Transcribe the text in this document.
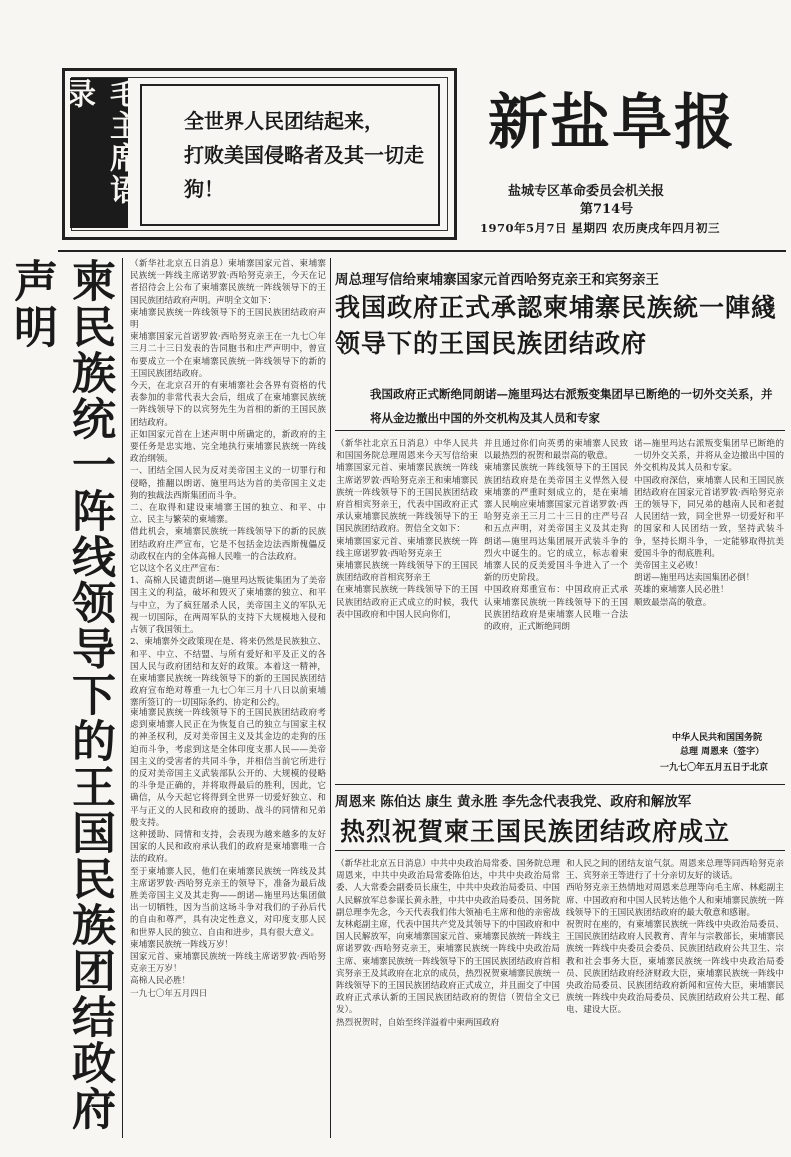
毛主席语录
全世界人民团结起来，
打败美国侵略者及其一切走
狗！
新盐阜报
盐城专区革命委员会机关报
第714号
1970年5月7日 星期四 农历庚戌年四月初三
柬民族统一阵线领导下的王国民族团结政府声明	（新华社北京五日消息）柬埔寨国家元首、柬埔寨民族统一阵线主席诺罗敦·西哈努克亲王，今天在记者招待会上公布了柬埔寨民族统一阵线领导下的王国民族团结政府声明。声明全文如下：
柬埔寨民族统一阵线领导下的王国民族团结政府声明
柬埔寨国家元首诺罗敦·西哈努克亲王在一九七〇年三月二十三日发表的告同胞书和庄严声明中，曾宣布要成立一个在柬埔寨民族统一阵线领导下的新的王国民族团结政府。
今天，在北京召开的有柬埔寨社会各界有资格的代表参加的非常代表大会后，组成了在柬埔寨民族统一阵线领导下的以宾努先生为首相的新的王国民族团结政府。
正如国家元首在上述声明中所确定的，新政府的主要任务是忠实地、完全地执行柬埔寨民族统一阵线政治纲领。
一、团结全国人民为反对美帝国主义的一切罪行和侵略，推翻以朗诺、施里玛达为首的美帝国主义走狗的独裁法西斯集团而斗争。
二、在取得和建设柬埔寨王国的独立、和平、中立、民主与繁荣的柬埔寨。
借此机会，柬埔寨民族统一阵线领导下的新的民族团结政府庄严宣布，它是不包括金边法西斯傀儡反动政权在内的全体高棉人民唯一的合法政府。
它以这个名义庄严宣布：
1、高棉人民谴责朗诺—施里玛达叛徒集团为了美帝国主义的利益，破坏和毁灭了柬埔寨的独立、和平与中立，为了疯狂屠杀人民，美帝国主义的军队无视一切国际，在两周军队的支持下大规模地入侵和占领了我国领土。
2、柬埔寨外交政策现在是、将来仍然是民族独立、和平、中立、不结盟、与所有爱好和平及正义的各国人民与政府团结和友好的政策。本着这一精神，在柬埔寨民族统一阵线领导下的新的王国民族团结政府宣布绝对尊重一九七〇年三月十八日以前柬埔寨所签订的一切国际条约、协定和公约。
柬埔寨民族统一阵线领导下的王国民族团结政府考虑到柬埔寨人民正在为恢复自己的独立与国家主权的神圣权利，反对美帝国主义及其金边的走狗的压迫而斗争，考虑到这是全体印度支那人民——美帝国主义的受害者的共同斗争，并相信当前它所进行的反对美帝国主义武装部队公开的、大规模的侵略的斗争是正确的，并将取得最后的胜利，因此，它确信，从今天起它将得到全世界一切爱好独立、和平与正义的人民和政府的援助、战斗的同情和兄弟般支持。
这种援助、同情和支持，会表现为越来越多的友好国家的人民和政府承认我们的政府是柬埔寨唯一合法的政府。
至于柬埔寨人民，他们在柬埔寨民族统一阵线及其主席诺罗敦·西哈努克亲王的领导下，准备为最后战胜美帝国主义及其走狗——朗诺—施里玛达集团做出一切牺牲，因为当前这场斗争对我们的子孙后代的自由和尊严，具有决定性意义，对印度支那人民和世界人民的独立、自由和进步，具有很大意义。
柬埔寨民族统一阵线万岁！
国家元首、柬埔寨民族统一阵线主席诺罗敦·西哈努克亲王万岁！
高棉人民必胜！
一九七〇年五月四日
周总理写信给柬埔寨国家元首西哈努克亲王和宾努亲王
我国政府正式承認柬埔寨民族統一陣綫领导下的王国民族团结政府
我国政府正式断绝同朗诺—施里玛达右派叛变集团早已断绝的一切外交关系，并将从金边撤出中国的外交机构及其人员和专家
（新华社北京五日消息）中华人民共和国国务院总理周恩来今天写信给柬埔寨国家元首、柬埔寨民族统一阵线主席诺罗敦·西哈努克亲王和柬埔寨民族统一阵线领导下的王国民族团结政府首相宾努亲王，代表中国政府正式承认柬埔寨民族统一阵线领导下的王国民族团结政府。贺信全文如下：
柬埔寨国家元首、柬埔寨民族统一阵线主席诺罗敦·西哈努克亲王
柬埔寨民族统一阵线领导下的王国民族团结政府首相宾努亲王
在柬埔寨民族统一阵线领导下的王国民族团结政府正式成立的时候，我代表中国政府和中国人民向你们，
并且通过你们向英勇的柬埔寨人民致以最热烈的祝贺和最崇高的敬意。
柬埔寨民族统一阵线领导下的王国民族团结政府是在美帝国主义悍然入侵柬埔寨的严重时刻成立的，是在柬埔寨人民响应柬埔寨国家元首诺罗敦·西哈努克亲王三月二十三日的庄严号召和五点声明，对美帝国主义及其走狗朗诺—施里玛达集团展开武装斗争的烈火中诞生的。它的成立，标志着柬埔寨人民的反美爱国斗争进入了一个新的历史阶段。
中国政府郑重宣布：中国政府正式承认柬埔寨民族统一阵线领导下的王国民族团结政府是柬埔寨人民唯一合法的政府，正式断绝同朗
诺—施里玛达右派叛变集团早已断绝的一切外交关系，并将从金边撤出中国的外交机构及其人员和专家。
中国政府深信，柬埔寨人民和王国民族团结政府在国家元首诺罗敦·西哈努克亲王的领导下，同兄弟的越南人民和老挝人民团结一致，同全世界一切爱好和平的国家和人民团结一致，坚持武装斗争，坚持长期斗争，一定能够取得抗美爱国斗争的彻底胜利。
美帝国主义必败！
朗诺—施里玛达卖国集团必倒！
英雄的柬埔寨人民必胜！
顺致最崇高的敬意。
中华人民共和国国务院
总理 周恩来（签字）
一九七〇年五月五日于北京
周恩来 陈伯达 康生 黄永胜 李先念代表我党、政府和解放军
热烈祝賀柬王国民族团结政府成立
（新华社北京五日消息）中共中央政治局常委、国务院总理周恩来，中共中央政治局常委陈伯达，中共中央政治局常委、人大常委会副委员长康生，中共中央政治局委员、中国人民解放军总参谋长黄永胜，中共中央政治局委员、国务院副总理李先念，今天代表我们伟大领袖毛主席和他的亲密战友林彪副主席，代表中国共产党及其领导下的中国政府和中国人民解放军，向柬埔寨国家元首、柬埔寨民族统一阵线主席诺罗敦·西哈努克亲王，柬埔寨民族统一阵线中央政治局主席、柬埔寨民族统一阵线领导下的王国民族团结政府首相宾努亲王及其政府在北京的成员，热烈祝贺柬埔寨民族统一阵线领导下的王国民族团结政府正式成立，并且面交了中国政府正式承认新的王国民族团结政府的贺信（贺信全文已发）。
热烈祝贺时，自始至终洋溢着中柬两国政府
和人民之间的团结友谊气氛。周恩来总理等同西哈努克亲王、宾努亲王等进行了十分亲切友好的谈话。
西哈努克亲王热情地对周恩来总理等向毛主席、林彪副主席、中国政府和中国人民转达他个人和柬埔寨民族统一阵线领导下的王国民族团结政府的最大敬意和感谢。
祝贺时在座的，有柬埔寨民族统一阵线中央政治局委员、王国民族团结政府人民教育、青年与宗教部长，柬埔寨民族统一阵线中央委员会委员、民族团结政府公共卫生、宗教和社会事务大臣，柬埔寨民族统一阵线中央政治局委员、民族团结政府经济财政大臣，柬埔寨民族统一阵线中央政治局委员、民族团结政府新闻和宣传大臣，柬埔寨民族统一阵线中央政治局委员、民族团结政府公共工程、邮电、建设大臣。
